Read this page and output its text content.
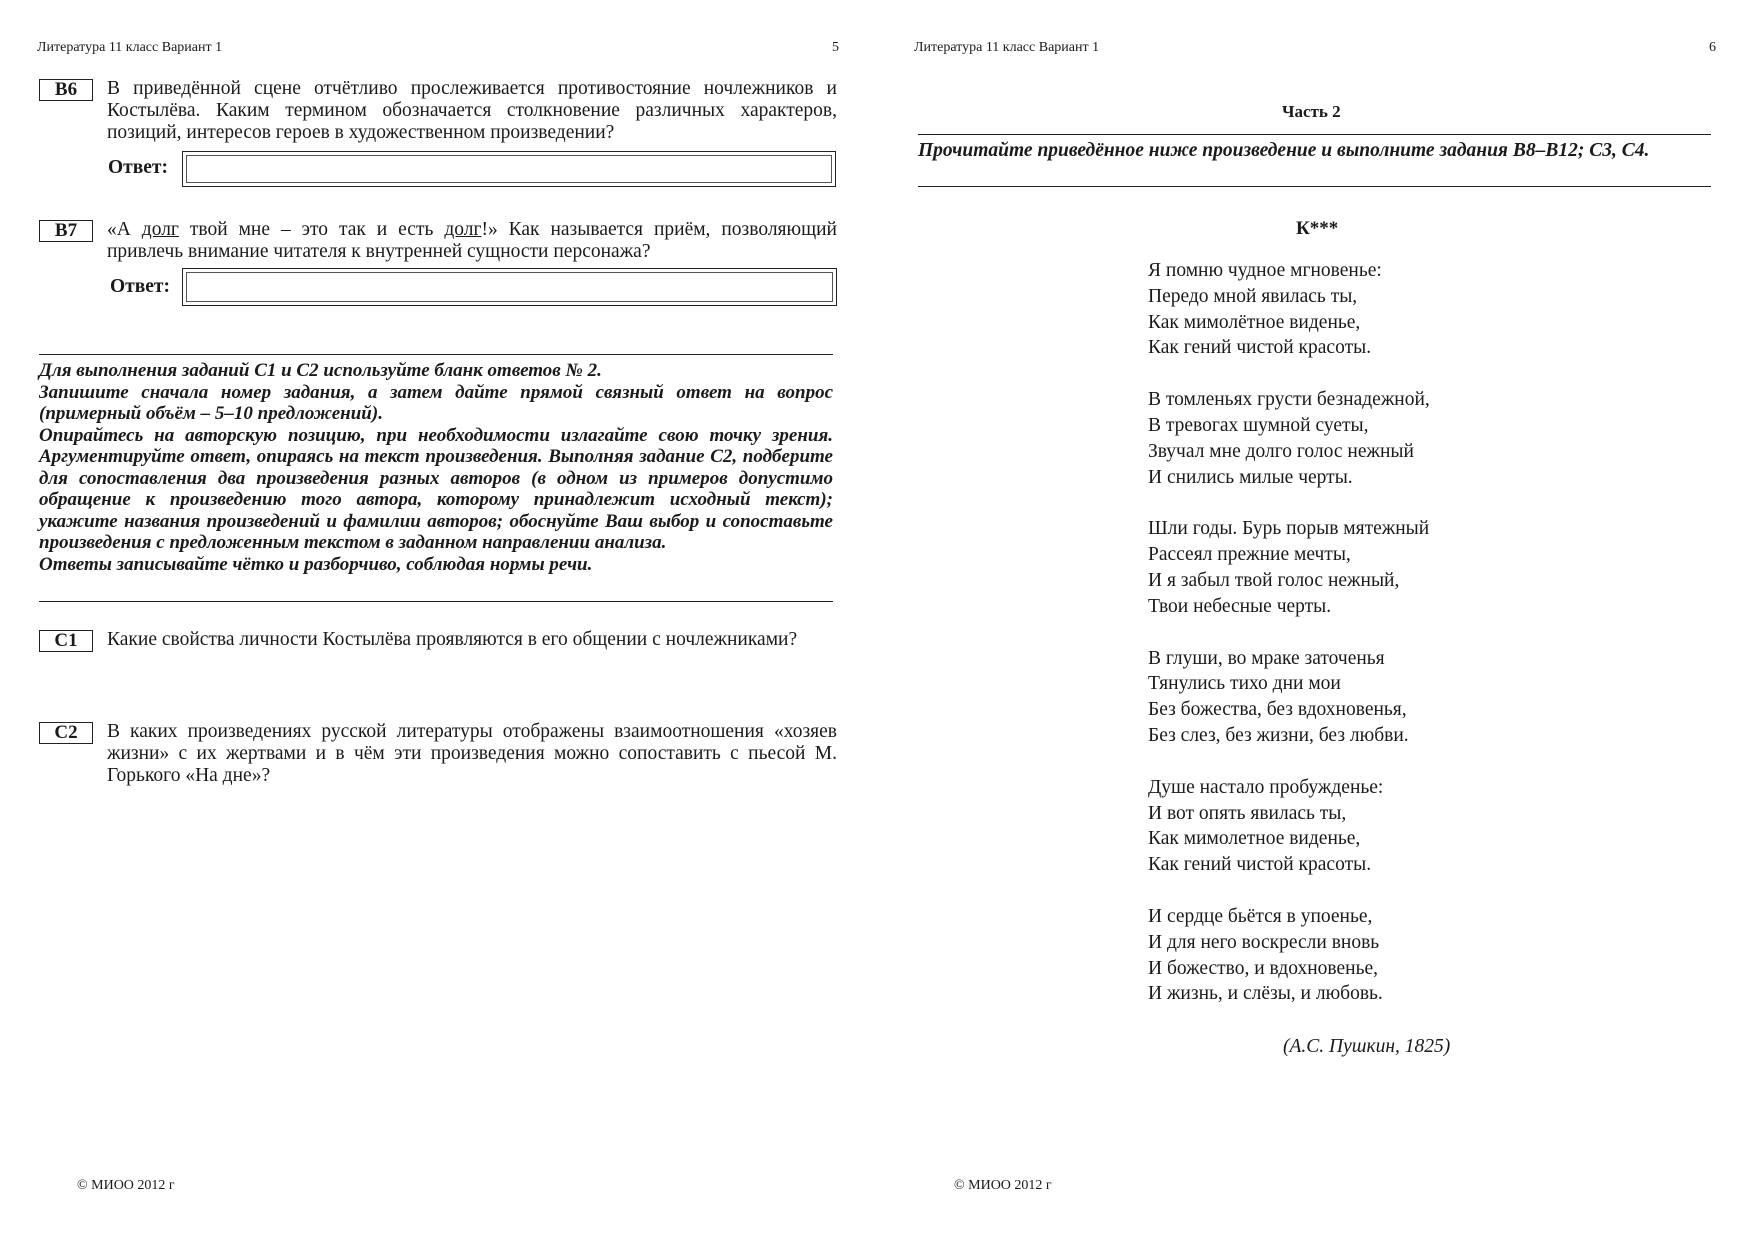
Литература 11 класс Вариант 1	5
B6	В приведённой сцене отчётливо прослеживается противостояние ночлежников и Костылёва. Каким термином обозначается столкновение различных характеров, позиций, интересов героев в художественном произведении?
Ответ:
B7	«А долг твой мне – это так и есть долг!» Как называется приём, позволяющий привлечь внимание читателя к внутренней сущности персонажа?
Ответ:

Для выполнения заданий С1 и С2 используйте бланк ответов № 2.

Запишите сначала номер задания, а затем дайте прямой связный ответ на вопрос (примерный объём – 5–10 предложений).

Опирайтесь на авторскую позицию, при необходимости излагайте свою точку зрения. Аргументируйте ответ, опираясь на текст произведения. Выполняя задание С2, подберите для сопоставления два произведения разных авторов (в одном из примеров допустимо обращение к произведению того автора, которому принадлежит исходный текст); укажите названия произведений и фамилии авторов; обоснуйте Ваш выбор и сопоставьте произведения с предложенным текстом в заданном направлении анализа.

Ответы записывайте чётко и разборчиво, соблюдая нормы речи.

C1	Какие свойства личности Костылёва проявляются в его общении с ночлежниками?
C2	В каких произведениях русской литературы отображены взаимоотношения «хозяев жизни» с их жертвами и в чём эти произведения можно сопоставить с пьесой М. Горького «На дне»?
© МИОО 2012 г
Литература 11 класс Вариант 1	6
Часть 2
Прочитайте приведённое ниже произведение и выполните задания В8–В12; С3, С4.
К***
Я помню чудное мгновенье:
Передо мной явилась ты,
Как мимолётное виденье,
Как гений чистой красоты.
В томленьях грусти безнадежной,
В тревогах шумной суеты,
Звучал мне долго голос нежный
И снились милые черты.
Шли годы. Бурь порыв мятежный
Рассеял прежние мечты,
И я забыл твой голос нежный,
Твои небесные черты.
В глуши, во мраке заточенья
Тянулись тихо дни мои
Без божества, без вдохновенья,
Без слез, без жизни, без любви.
Душе настало пробужденье:
И вот опять явилась ты,
Как мимолетное виденье,
Как гений чистой красоты.
И сердце бьётся в упоенье,
И для него воскресли вновь
И божество, и вдохновенье,
И жизнь, и слёзы, и любовь.
(А.С. Пушкин, 1825)
© МИОО 2012 г
